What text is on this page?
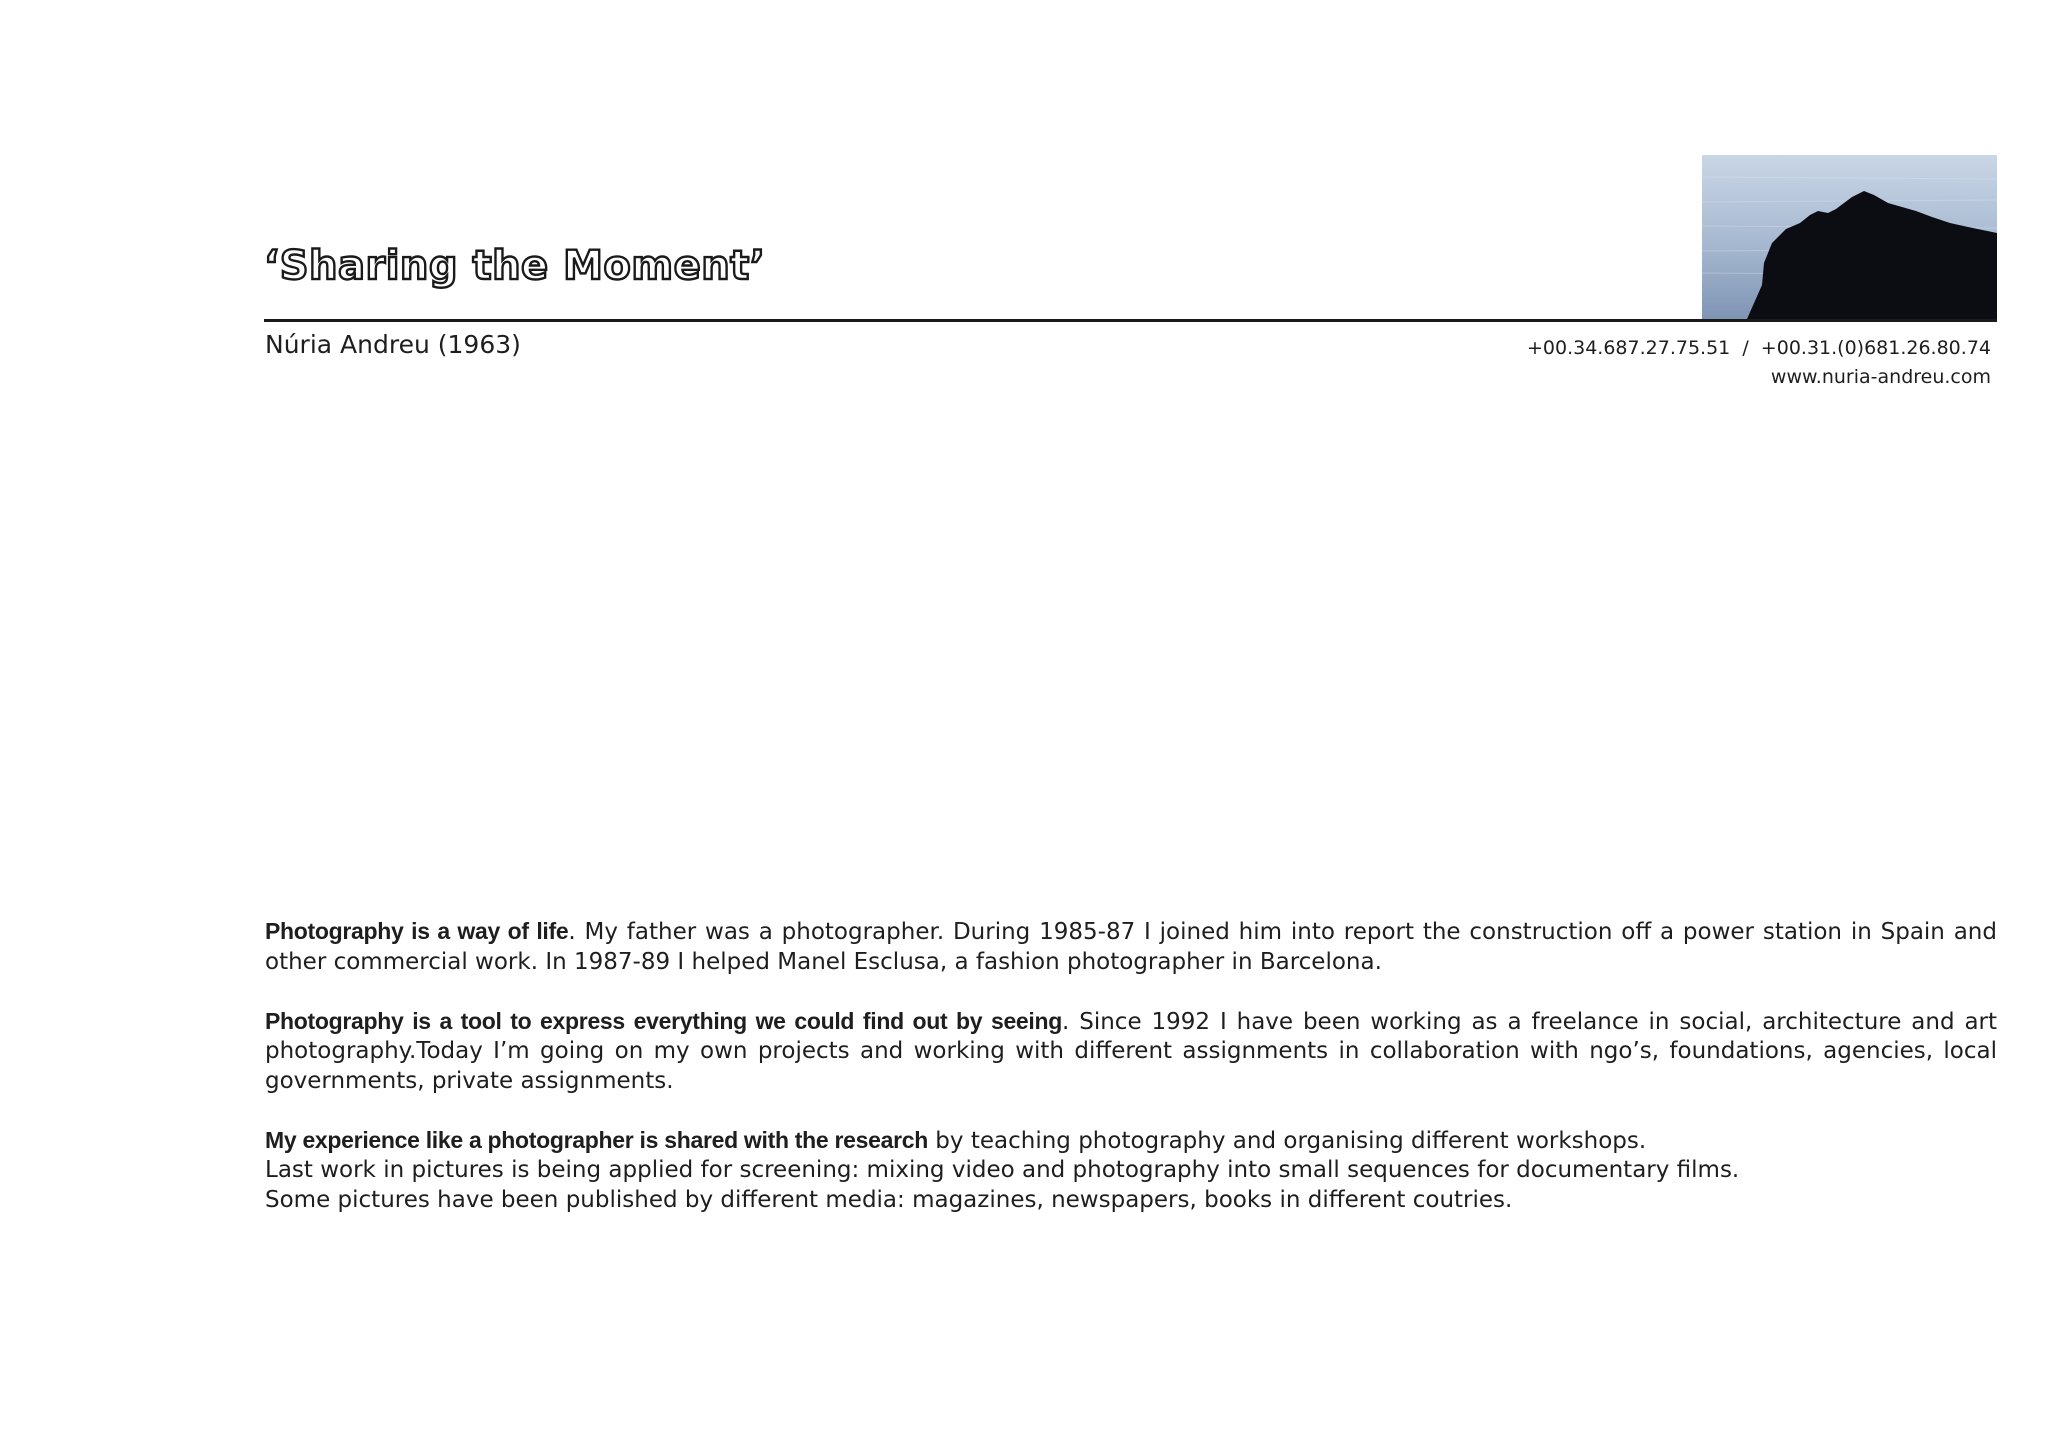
‘Sharing the Moment’
Núria Andreu (1963)	+00.34.687.27.75.51  /  +00.31.(0)681.26.80.74
www.nuria-andreu.com

Photography is a way of life. My father was a photographer. During 1985-87 I joined him into report the construction off a power station in Spain and other commercial work. In 1987-89 I helped Manel Esclusa, a fashion photographer in Barcelona.

Photography is a tool to express everything we could find out by seeing. Since 1992 I have been working as a freelance in social, architecture and art photography.Today I’m going on my own projects and working with different assignments in collaboration with ngo’s, foundations, agencies, local governments, private assignments.

My experience like a photographer is shared with the research by teaching photography and organising different workshops.
Last work in pictures is being applied for screening: mixing video and photography into small sequences for documentary films.
Some pictures have been published by different media: magazines, newspapers, books in different coutries.
